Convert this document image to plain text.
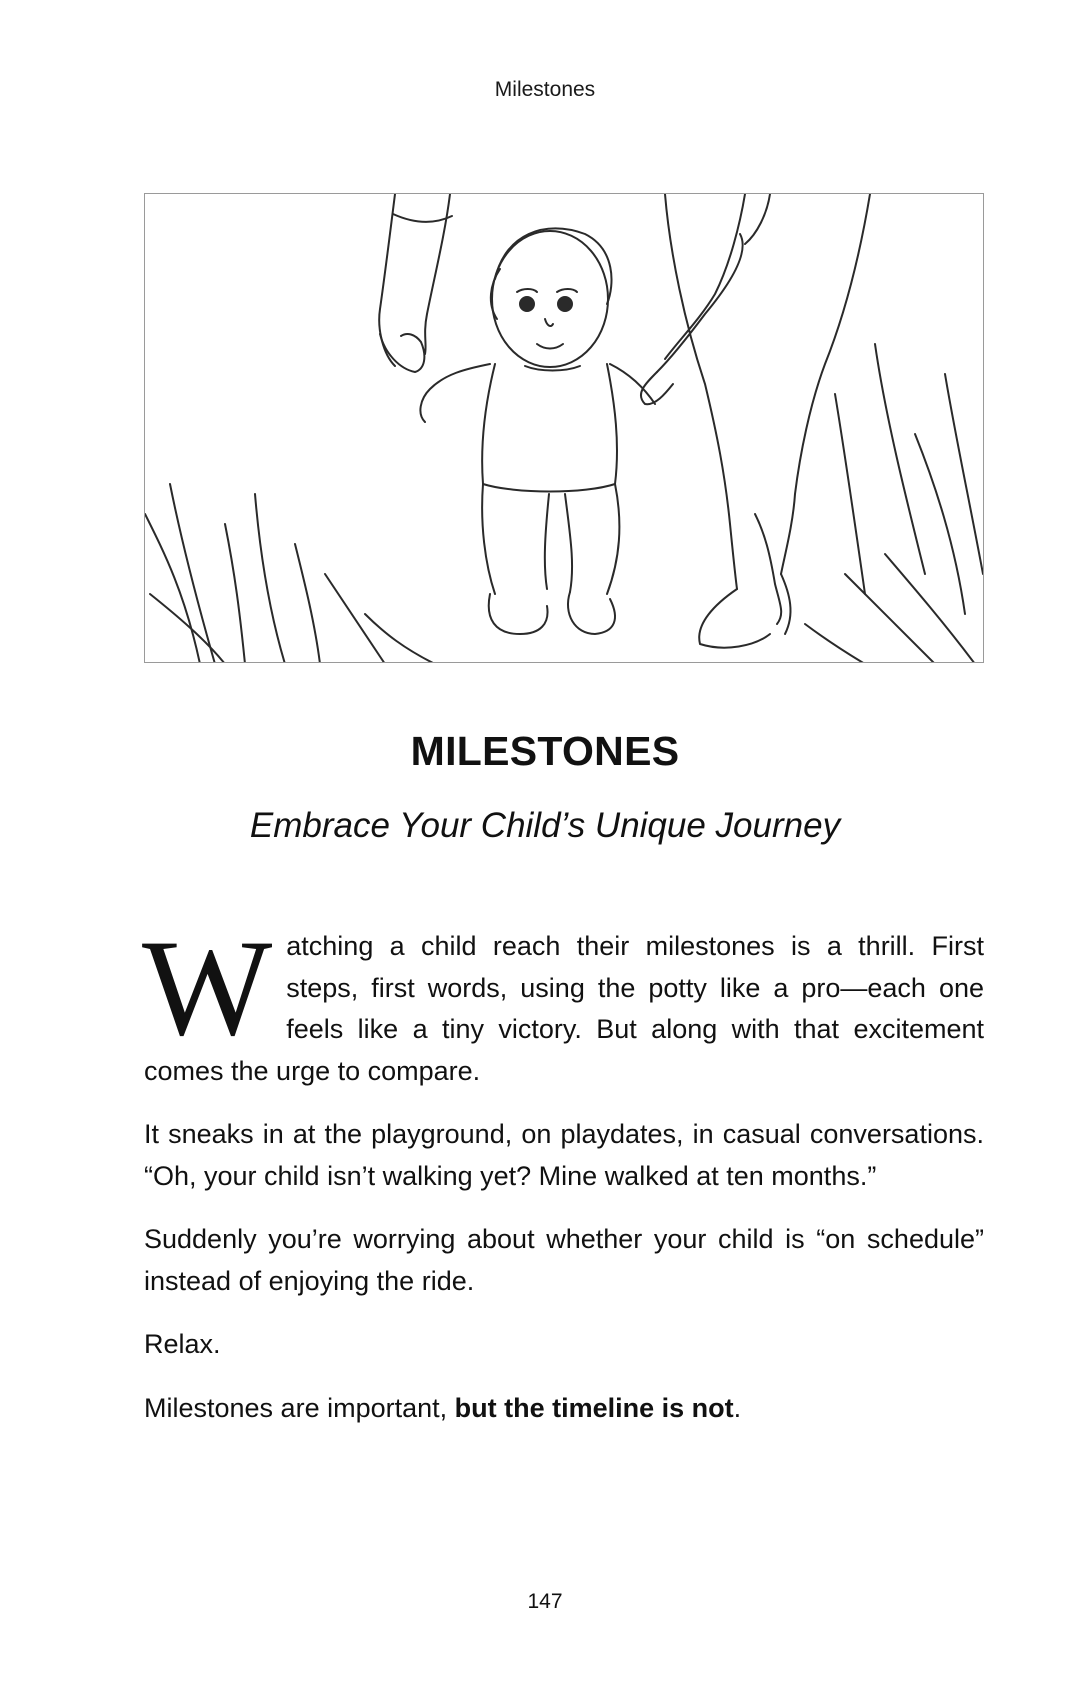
Milestones
MILESTONES
Embrace Your Child’s Unique Journey

Watching a child reach their milestones is a thrill. First steps, first words, using the potty like a pro—each one feels like a tiny victory. But along with that excitement comes the urge to compare.

It sneaks in at the playground, on playdates, in casual conversations. “Oh, your child isn’t walking yet? Mine walked at ten months.”

Suddenly you’re worrying about whether your child is “on schedule” instead of enjoying the ride.

Relax.

Milestones are important, but the timeline is not.

147
